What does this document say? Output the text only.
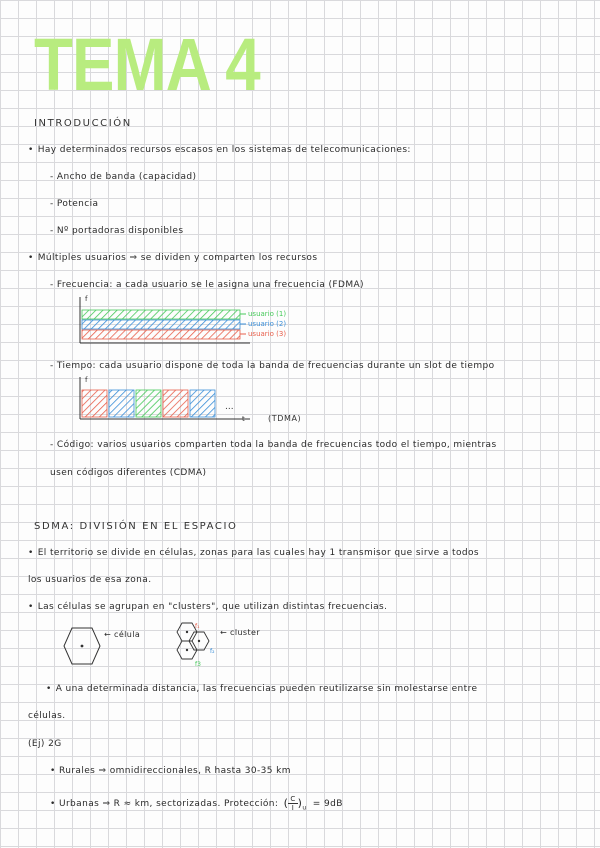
TEMA 4
INTRODUCCIÓN
• Hay determinados recursos escasos en los sistemas de telecomunicaciones:
- Ancho de banda (capacidad)
- Potencia
- Nº portadoras disponibles
• Múltiples usuarios ⇒ se dividen y comparten los recursos
- Frecuencia: a cada usuario se le asigna una frecuencia (FDMA)
f
usuario (1)
usuario (2)
usuario (3)
- Tiempo: cada usuario dispone de toda la banda de frecuencias durante un slot de tiempo
f
...
t	(TDMA)
- Código: varios usuarios comparten toda la banda de frecuencias todo el tiempo, mientras
usen códigos diferentes (CDMA)
SDMA: DIVISIÓN EN EL ESPACIO
• El territorio se divide en células, zonas para las cuales hay 1 transmisor que sirve a todos
los usuarios de esa zona.
• Las células se agrupan en "clusters", que utilizan distintas frecuencias.
← célula
f₁
f₂
f3
← cluster
• A una determinada distancia, las frecuencias pueden reutilizarse sin molestarse entre
células.
(Ej) 2G
• Rurales ⇒ omnidireccionales, R hasta 30-35 km
• Urbanas ⇒ R ≈ km, sectorizadas. Protección: ( $\frac{C}{I} )_u = 9dB$
